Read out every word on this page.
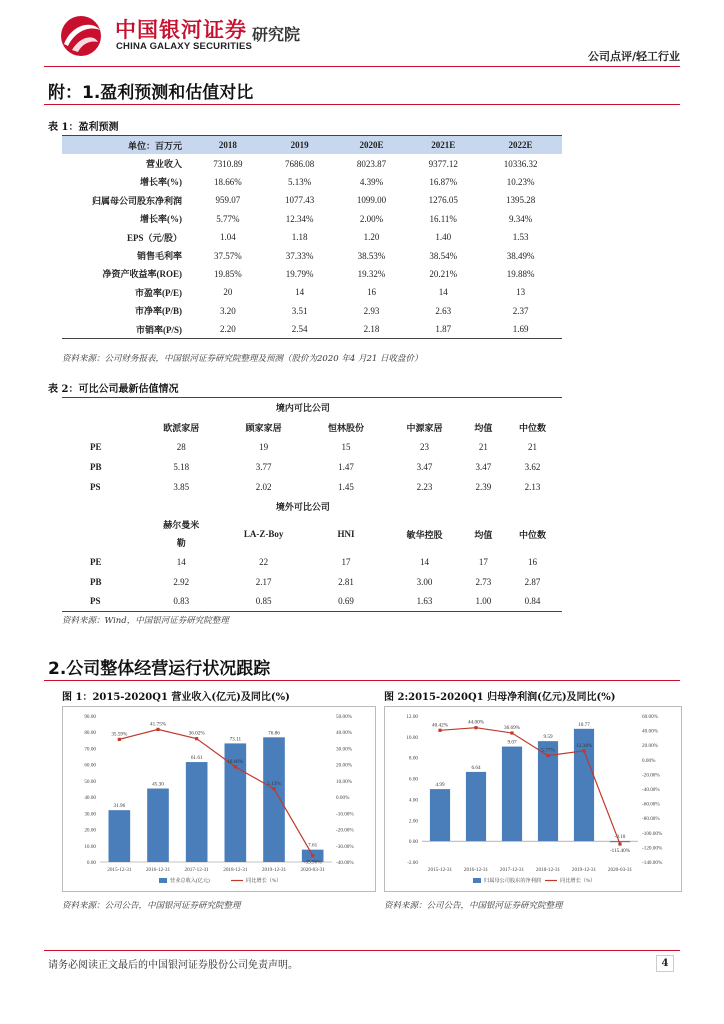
中国银河证券
CHINA GALAXY SECURITIES
研究院
公司点评/轻工行业
附：1.盈利预测和估值对比
表 1：盈利预测
单位：百万元	2018	2019	2020E	2021E	2022E
营业收入	7310.89	7686.08	8023.87	9377.12	10336.32
增长率(%)	18.66%	5.13%	4.39%	16.87%	10.23%
归属母公司股东净利润	959.07	1077.43	1099.00	1276.05	1395.28
增长率(%)	5.77%	12.34%	2.00%	16.11%	9.34%
EPS（元/股）	1.04	1.18	1.20	1.40	1.53
销售毛利率	37.57%	37.33%	38.53%	38.54%	38.49%
净资产收益率(ROE)	19.85%	19.79%	19.32%	20.21%	19.88%
市盈率(P/E)	20	14	16	14	13
市净率(P/B)	3.20	3.51	2.93	2.63	2.37
市销率(P/S)	2.20	2.54	2.18	1.87	1.69
资料来源：公司财务报表，中国银河证券研究院整理及预测（股价为2020 年4 月21 日收盘价）
表 2：可比公司最新估值情况
	境内可比公司					
	欧派家居	顾家家居	恒林股份	中源家居	均值	中位数
PE	28	19	15	23	21	21
PB	5.18	3.77	1.47	3.47	3.47	3.62
PS	3.85	2.02	1.45	2.23	2.39	2.13
	境外可比公司					
	赫尔曼米
勒	LA-Z-Boy	HNI	敏华控股	均值	中位数
PE	14	22	17	14	17	16
PB	2.92	2.17	2.81	3.00	2.73	2.87
PS	0.83	0.85	0.69	1.63	1.00	0.84
资料来源：Wind，中国银河证券研究院整理
2.公司整体经营运行状况跟踪
图 1：2015-2020Q1 营业收入(亿元)及同比(%)	图 2:2015-2020Q1 归母净利润(亿元)及同比(%)
0.00
10.00
20.00
30.00
40.00
50.00
60.00
70.00
80.00
90.00
-40.00%
-30.00%
-20.00%
-10.00%
0.00%
10.00%
20.00%
30.00%
40.00%
50.00%
31.96
45.30
61.61
73.11
76.86
7.61
35.59%
41.75%
36.02%
18.66%
5.13%
-35.96%
2015-12-31	2016-12-31	2017-12-31	2018-12-31	2019-12-31	2020-03-31
营业总收入(亿元)	同比增长（%）
-2.00
0.00
2.00
4.00
6.00
8.00
10.00
12.00
-140.00%
-120.00%
-100.00%
-80.00%
-60.00%
-40.00%
-20.00%
0.00%
20.00%
40.00%
60.00%
4.99
6.64
9.07
9.59
10.77
-0.10
40.42%	44.00%
36.69%
5.77%
12.34%
-115.40%
2015-12-31 2016-12-31 2017-12-31 2018-12-31 2019-12-31 2020-03-31
归属母公司股东的净利润	同比增长（%）
资料来源：公司公告，中国银河证券研究院整理	资料来源：公司公告，中国银河证券研究院整理
请务必阅读正文最后的中国银河证券股份公司免责声明。	4
